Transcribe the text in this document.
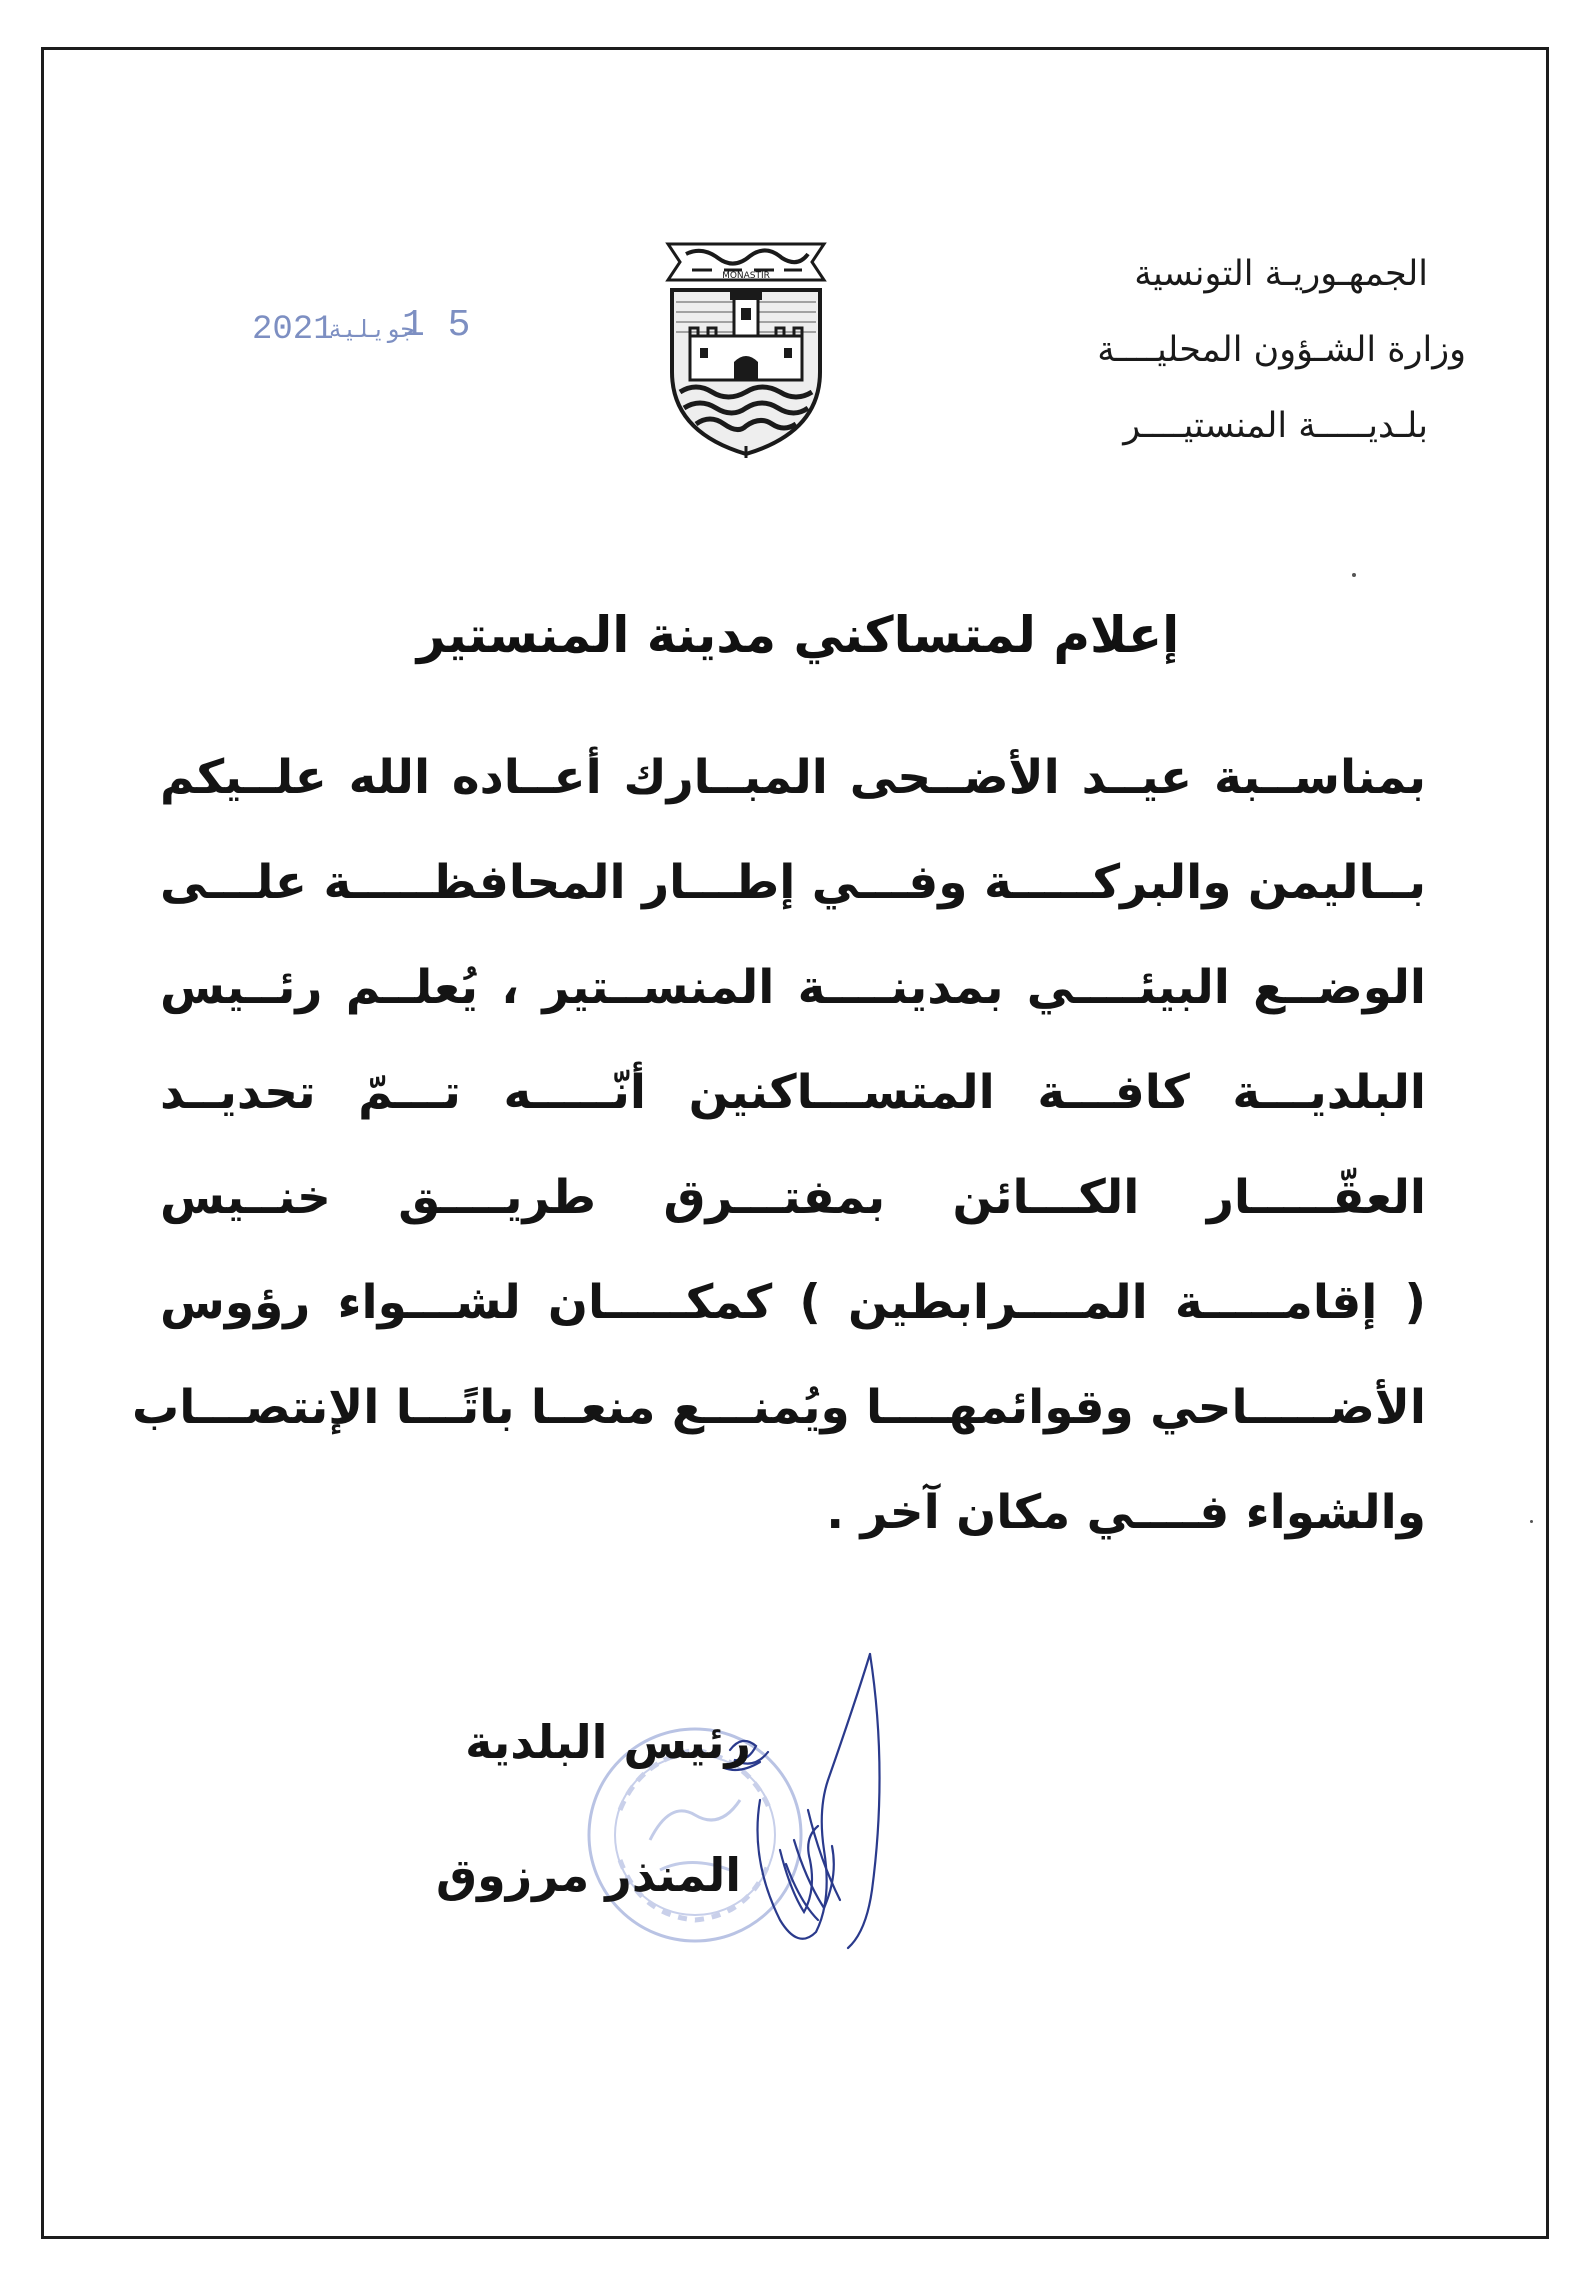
الجمهـوريـة التونسية
وزارة الشـؤون المحليــــة
بلـديـــــة المنستيــــر
MONASTIR
2021
جويلية
1 5
إعلام لمتساكني مدينة المنستير
بمناســبة عيــد الأضــحى المبــارك أعــاده الله علــيكم
بــاليمن والبركـــــة وفـــي إطـــار المحافظـــــة علـــى
الوضــع البيئــــي بمدينــــة المنســتير ، يُعلــم رئــيس
البلديـــة كافـــة المتســـاكنين أنّـــــه تـــمّ تحديــد
العقّـــــار الكـــائن بمفتـــرق طريــــق خنــيس
( إقامـــــة المــــرابطين ) كمكـــــان لشـــواء رؤوس
الأضـــــاحي وقوائمهــــا ويُمنـــع منعــا باتًـــا الإنتصـــاب
والشواء فــــي مكان آخر .
رئيس البلدية
المنذر مرزوق
